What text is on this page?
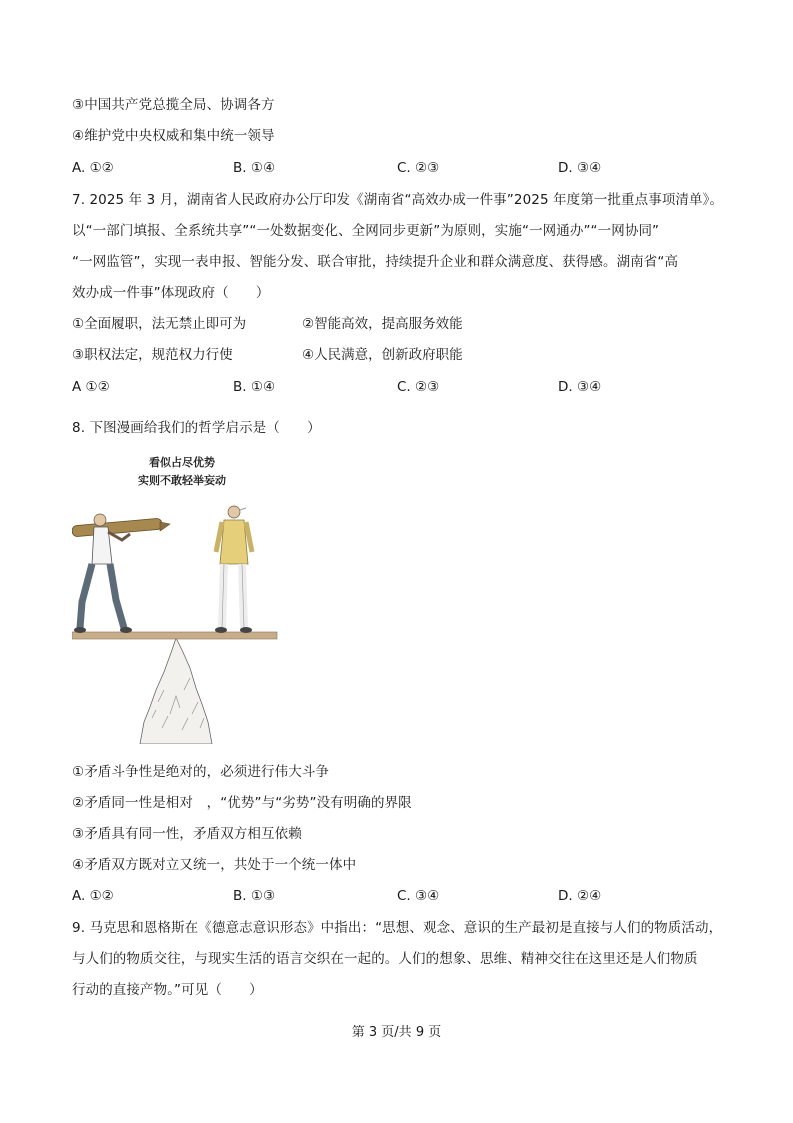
③中国共产党总揽全局、协调各方
④维护党中央权威和集中统一领导
A. ①②	B. ①④	C. ②③	D. ③④
7. 2025 年 3 月，湖南省人民政府办公厅印发《湖南省“高效办成一件事”2025 年度第一批重点事项清单》。
以“一部门填报、全系统共享”“一处数据变化、全网同步更新”为原则，实施“一网通办”“一网协同”
“一网监管”，实现一表申报、智能分发、联合审批，持续提升企业和群众满意度、获得感。湖南省“高
效办成一件事”体现政府（　　）
①全面履职，法无禁止即可为	②智能高效，提高服务效能
③职权法定，规范权力行使	④人民满意，创新政府职能
A ①②	B. ①④	C. ②③	D. ③④
8. 下图漫画给我们的哲学启示是（　　）
看似占尽优势
实则不敢轻举妄动
①矛盾斗争性是绝对的，必须进行伟大斗争
②矛盾同一性是相对　，“优势”与“劣势”没有明确的界限
③矛盾具有同一性，矛盾双方相互依赖
④矛盾双方既对立又统一，共处于一个统一体中
A. ①②	B. ①③	C. ③④	D. ②④
9. 马克思和恩格斯在《德意志意识形态》中指出：“思想、观念、意识的生产最初是直接与人们的物质活动，
与人们的物质交往，与现实生活的语言交织在一起的。人们的想象、思维、精神交往在这里还是人们物质
行动的直接产物。”可见（　　）
第 3 页/共 9 页
